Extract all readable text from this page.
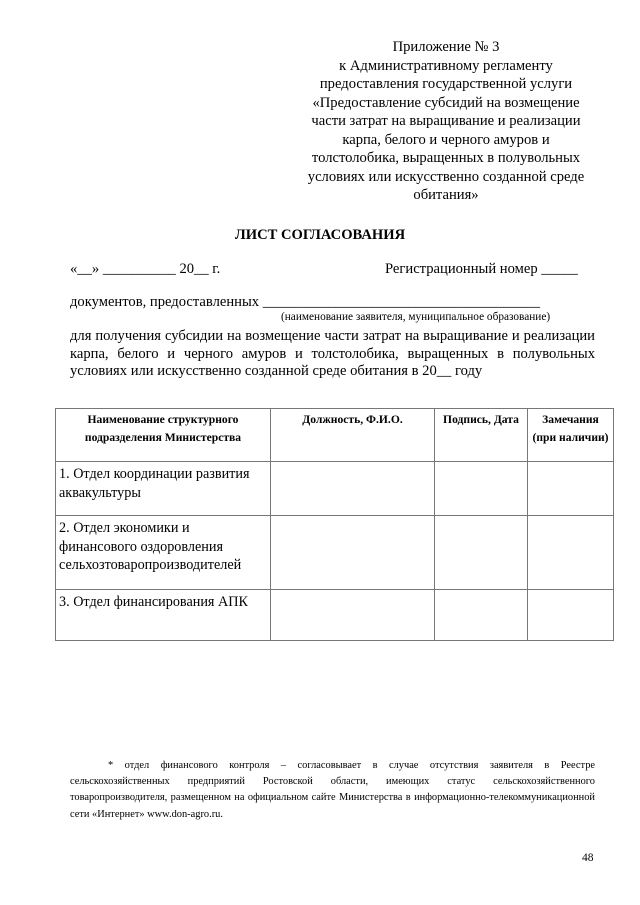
Приложение № 3
к Административному регламенту
предоставления государственной услуги
«Предоставление субсидий на возмещение
части затрат на выращивание и реализации
карпа, белого и черного амуров и
толстолобика, выращенных в полувольных
условиях или искусственно созданной среде
обитания»
ЛИСТ СОГЛАСОВАНИЯ
«__» __________ 20__ г.	Регистрационный номер _____
документов, предоставленных ______________________________________
(наименование заявителя, муниципальное образование)
для получения субсидии на возмещение части затрат на выращивание и реализации карпа, белого и черного амуров и толстолобика, выращенных в полувольных условиях или искусственно созданной среде обитания в 20__ году
Наименование структурного подразделения Министерства	Должность, Ф.И.О.	Подпись, Дата	Замечания (при наличии)
1. Отдел координации развития аквакультуры			
2. Отдел экономики и финансового оздоровления сельхозтоваропроизводителей			
3. Отдел финансирования АПК			
* отдел финансового контроля – согласовывает в случае отсутствия заявителя в Реестре сельскохозяйственных предприятий Ростовской области, имеющих статус сельскохозяйственного товаропроизводителя, размещенном на официальном сайте Министерства в информационно-телекоммуникационной сети «Интернет» www.don-agro.ru.
48
